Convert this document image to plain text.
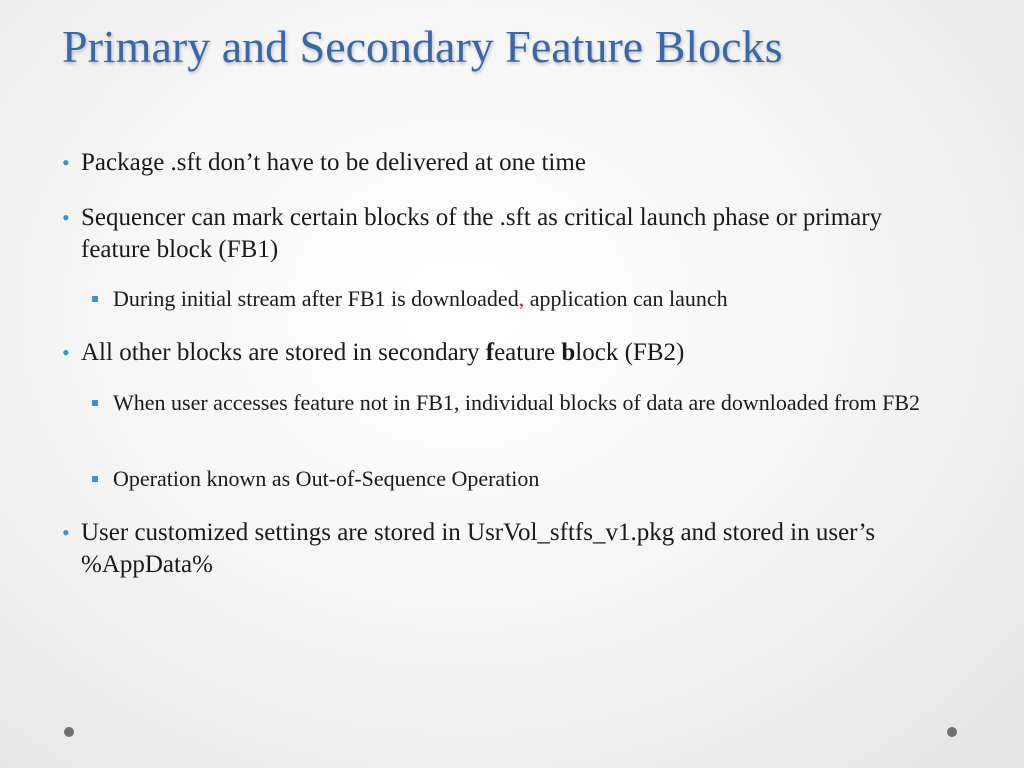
Primary and Secondary Feature Blocks
• Package .sft don’t have to be delivered at one time
• Sequencer can mark certain blocks of the .sft as critical launch phase or primary feature block (FB1)
During initial stream after FB1 is downloaded, application can launch
• All other blocks are stored in secondary feature block (FB2)
When user accesses feature not in FB1, individual blocks of data are downloaded from FB2
Operation known as Out-of-Sequence Operation
• User customized settings are stored in UsrVol_sftfs_v1.pkg and stored in user’s %AppData%
